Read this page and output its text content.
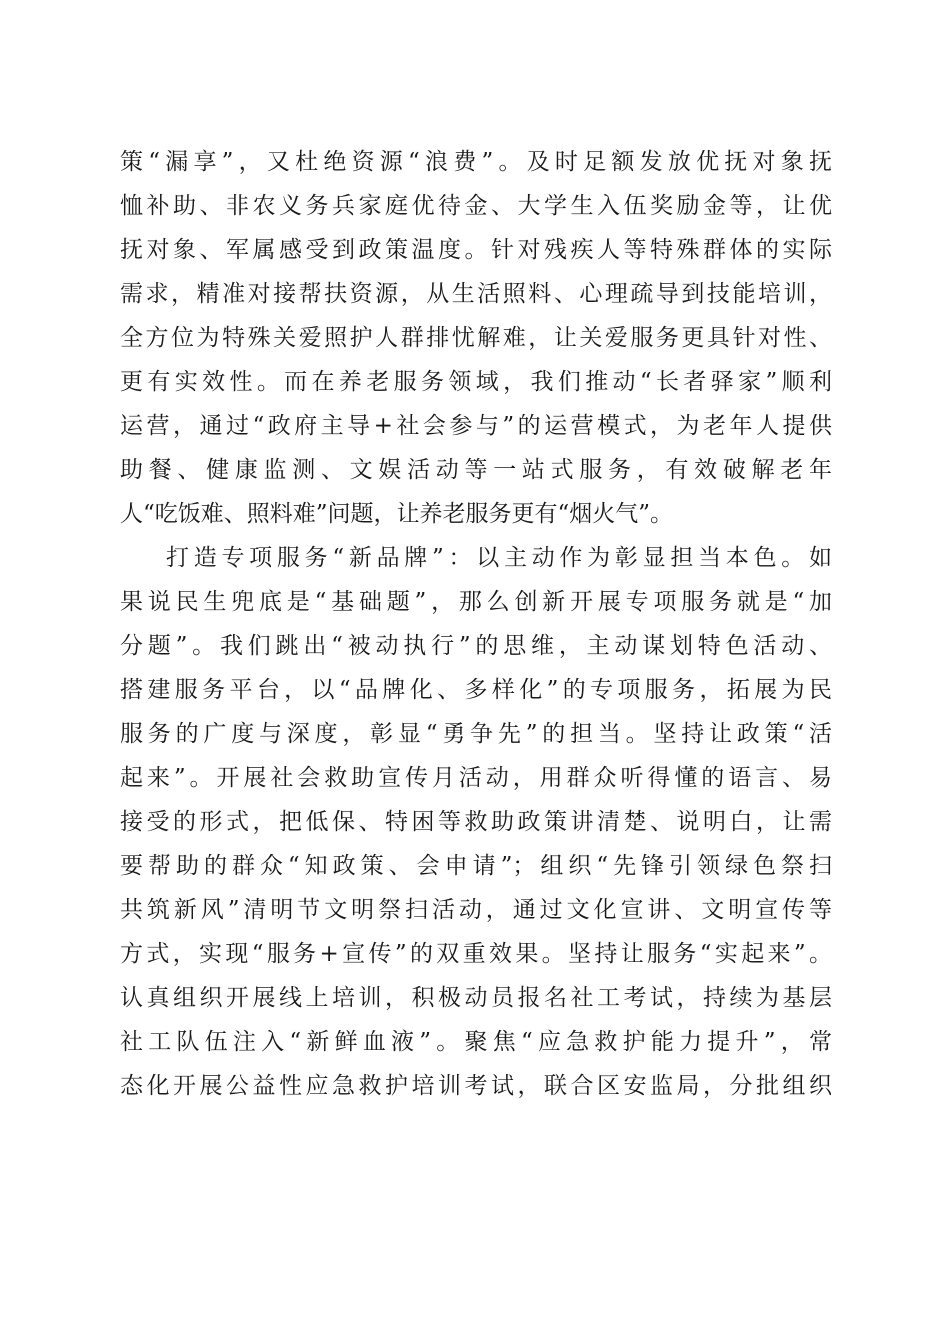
策“漏享”，又杜绝资源“浪费”。及时足额发放优抚对象抚
恤补助、非农义务兵家庭优待金、大学生入伍奖励金等，让优
抚对象、军属感受到政策温度。针对残疾人等特殊群体的实际
需求，精准对接帮扶资源，从生活照料、心理疏导到技能培训，
全方位为特殊关爱照护人群排忧解难，让关爱服务更具针对性、
更有实效性。而在养老服务领域，我们推动“长者驿家”顺利
运营，通过“政府主导+社会参与”的运营模式，为老年人提供
助餐、健康监测、文娱活动等一站式服务，有效破解老年
人“吃饭难、照料难”问题，让养老服务更有“烟火气”。
打造专项服务“新品牌”：以主动作为彰显担当本色。如
果说民生兜底是“基础题”，那么创新开展专项服务就是“加
分题”。我们跳出“被动执行”的思维，主动谋划特色活动、
搭建服务平台，以“品牌化、多样化”的专项服务，拓展为民
服务的广度与深度，彰显“勇争先”的担当。坚持让政策“活
起来”。开展社会救助宣传月活动，用群众听得懂的语言、易
接受的形式，把低保、特困等救助政策讲清楚、说明白，让需
要帮助的群众“知政策、会申请”；组织“先锋引领绿色祭扫
共筑新风”清明节文明祭扫活动，通过文化宣讲、文明宣传等
方式，实现“服务+宣传”的双重效果。坚持让服务“实起来”。
认真组织开展线上培训，积极动员报名社工考试，持续为基层
社工队伍注入“新鲜血液”。聚焦“应急救护能力提升”，常
态化开展公益性应急救护培训考试，联合区安监局，分批组织
